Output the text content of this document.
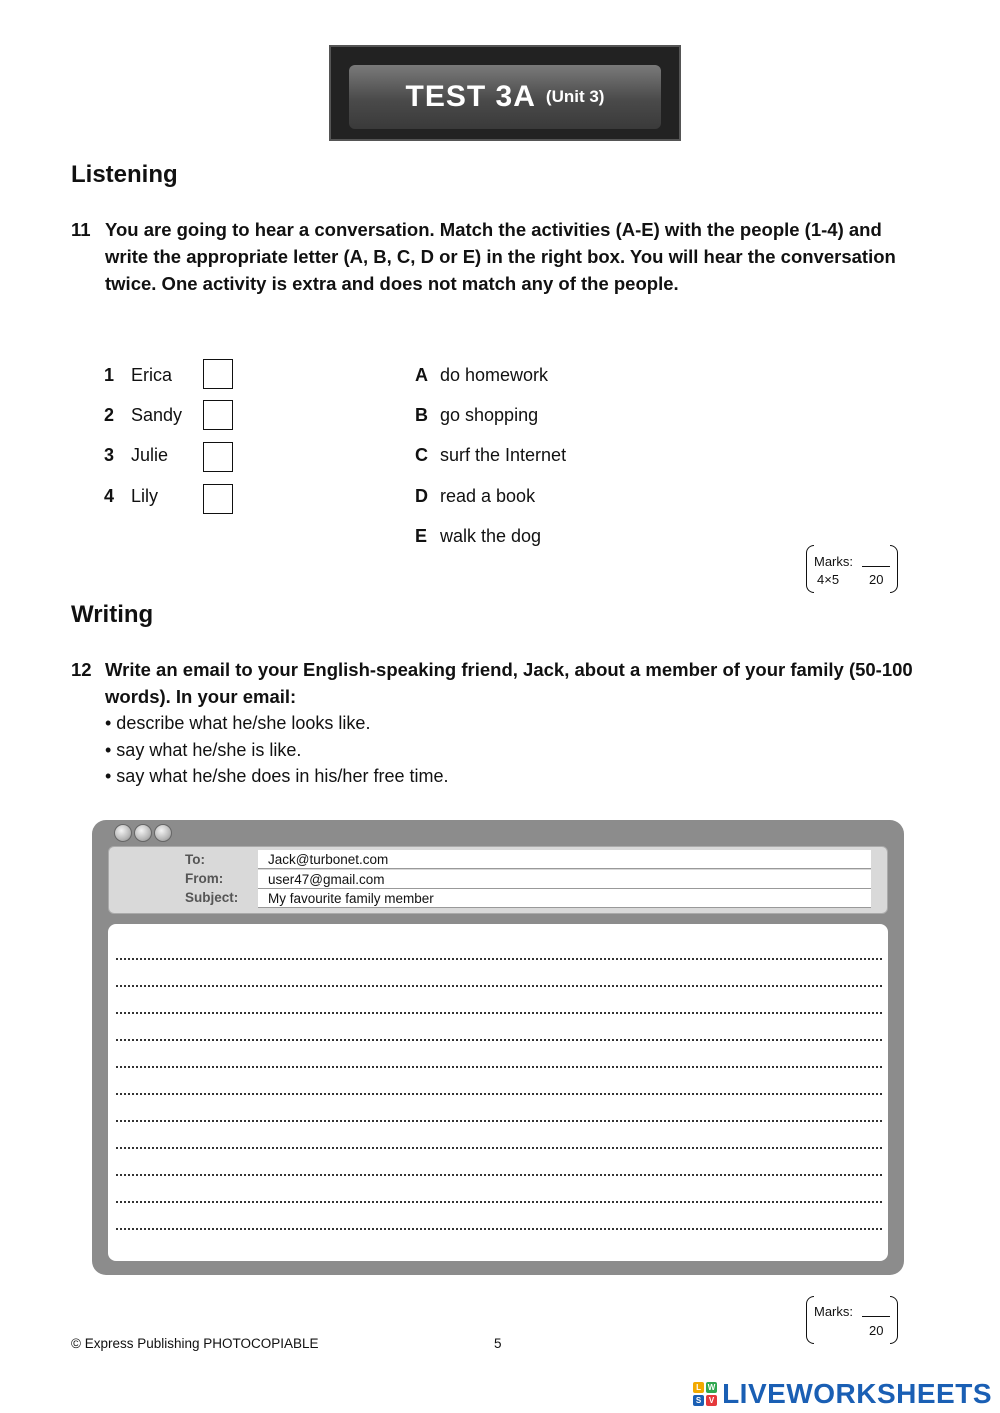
TEST 3A (Unit 3)
Listening
11 You are going to hear a conversation. Match the activities (A-E) with the people (1-4) and write the appropriate letter (A, B, C, D or E) in the right box. You will hear the conversation twice. One activity is extra and does not match any of the people.
1 Erica
2 Sandy
3 Julie
4 Lily
A do homework
B go shopping
C surf the Internet
D read a book
E walk the dog
Marks:
4×5 20
Writing
12 Write an email to your English-speaking friend, Jack, about a member of your family (50-100 words). In your email:
• describe what he/she looks like.
• say what he/she is like.
• say what he/she does in his/her free time.
To:	Jack@turbonet.com
From:	user47@gmail.com
Subject:	My favourite family member
Marks:
20
© Express Publishing PHOTOCOPIABLE	5
L W
S V LIVEWORKSHEETS
